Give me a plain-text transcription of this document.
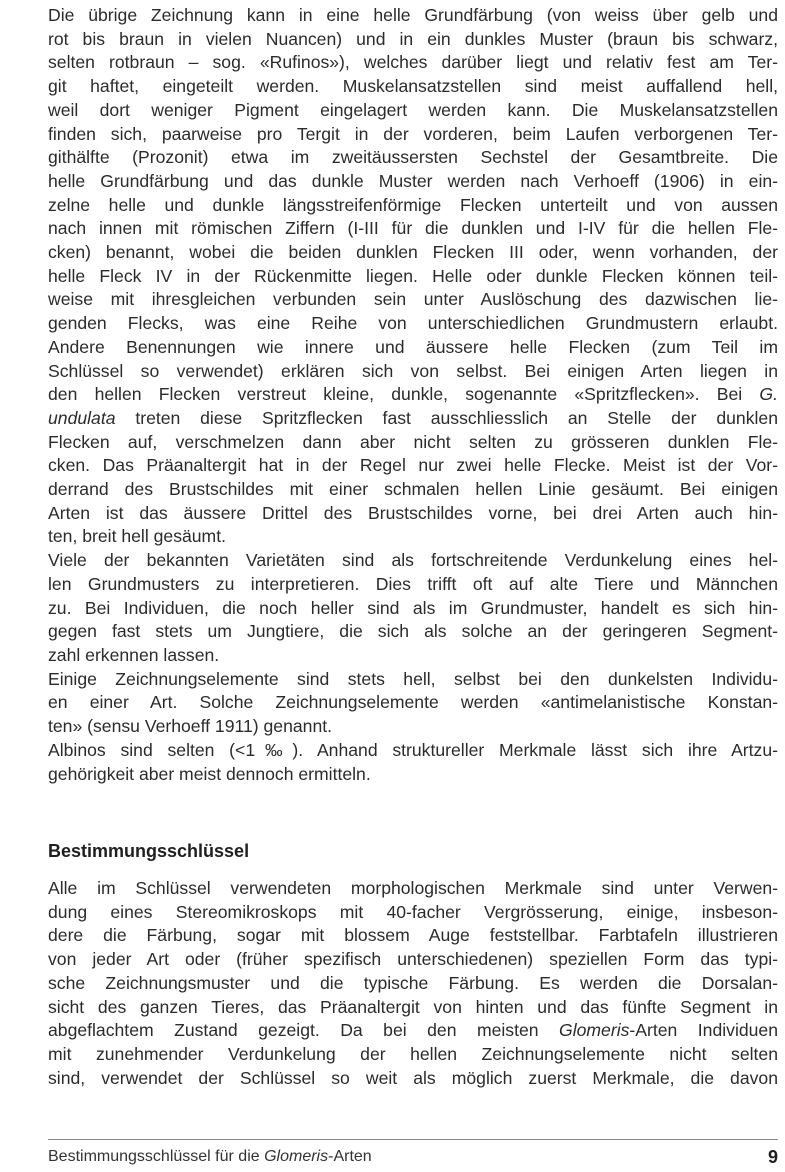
Die übrige Zeichnung kann in eine helle Grundfärbung (von weiss über gelb und
rot bis braun in vielen Nuancen) und in ein dunkles Muster (braun bis schwarz,
selten rotbraun – sog. «Rufinos»), welches darüber liegt und relativ fest am Ter-
git haftet, eingeteilt werden. Muskelansatzstellen sind meist auffallend hell,
weil dort weniger Pigment eingelagert werden kann. Die Muskelansatzstellen
finden sich, paarweise pro Tergit in der vorderen, beim Laufen verborgenen Ter-
githälfte (Prozonit) etwa im zweitäussersten Sechstel der Gesamtbreite. Die
helle Grundfärbung und das dunkle Muster werden nach Verhoeff (1906) in ein-
zelne helle und dunkle längsstreifenförmige Flecken unterteilt und von aussen
nach innen mit römischen Ziffern (I-III für die dunklen und I-IV für die hellen Fle-
cken) benannt, wobei die beiden dunklen Flecken III oder, wenn vorhanden, der
helle Fleck IV in der Rückenmitte liegen. Helle oder dunkle Flecken können teil-
weise mit ihresgleichen verbunden sein unter Auslöschung des dazwischen lie-
genden Flecks, was eine Reihe von unterschiedlichen Grundmustern erlaubt.
Andere Benennungen wie innere und äussere helle Flecken (zum Teil im
Schlüssel so verwendet) erklären sich von selbst. Bei einigen Arten liegen in
den hellen Flecken verstreut kleine, dunkle, sogenannte «Spritzflecken». Bei G.
undulata treten diese Spritzflecken fast ausschliesslich an Stelle der dunklen
Flecken auf, verschmelzen dann aber nicht selten zu grösseren dunklen Fle-
cken. Das Präanaltergit hat in der Regel nur zwei helle Flecke. Meist ist der Vor-
derrand des Brustschildes mit einer schmalen hellen Linie gesäumt. Bei einigen
Arten ist das äussere Drittel des Brustschildes vorne, bei drei Arten auch hin-
ten, breit hell gesäumt.
Viele der bekannten Varietäten sind als fortschreitende Verdunkelung eines hel-
len Grundmusters zu interpretieren. Dies trifft oft auf alte Tiere und Männchen
zu. Bei Individuen, die noch heller sind als im Grundmuster, handelt es sich hin-
gegen fast stets um Jungtiere, die sich als solche an der geringeren Segment-
zahl erkennen lassen.
Einige Zeichnungselemente sind stets hell, selbst bei den dunkelsten Individu-
en einer Art. Solche Zeichnungselemente werden «antimelanistische Konstan-
ten» (sensu Verhoeff 1911) genannt.
Albinos sind selten (<1‰). Anhand struktureller Merkmale lässt sich ihre Artzu-
gehörigkeit aber meist dennoch ermitteln.
Bestimmungsschlüssel
Alle im Schlüssel verwendeten morphologischen Merkmale sind unter Verwen-
dung eines Stereomikroskops mit 40-facher Vergrösserung, einige, insbeson-
dere die Färbung, sogar mit blossem Auge feststellbar. Farbtafeln illustrieren
von jeder Art oder (früher spezifisch unterschiedenen) speziellen Form das typi-
sche Zeichnungsmuster und die typische Färbung. Es werden die Dorsalan-
sicht des ganzen Tieres, das Präanaltergit von hinten und das fünfte Segment in
abgeflachtem Zustand gezeigt. Da bei den meisten Glomeris-Arten Individuen
mit zunehmender Verdunkelung der hellen Zeichnungselemente nicht selten
sind, verwendet der Schlüssel so weit als möglich zuerst Merkmale, die davon
Bestimmungsschlüssel für die Glomeris-Arten	9
